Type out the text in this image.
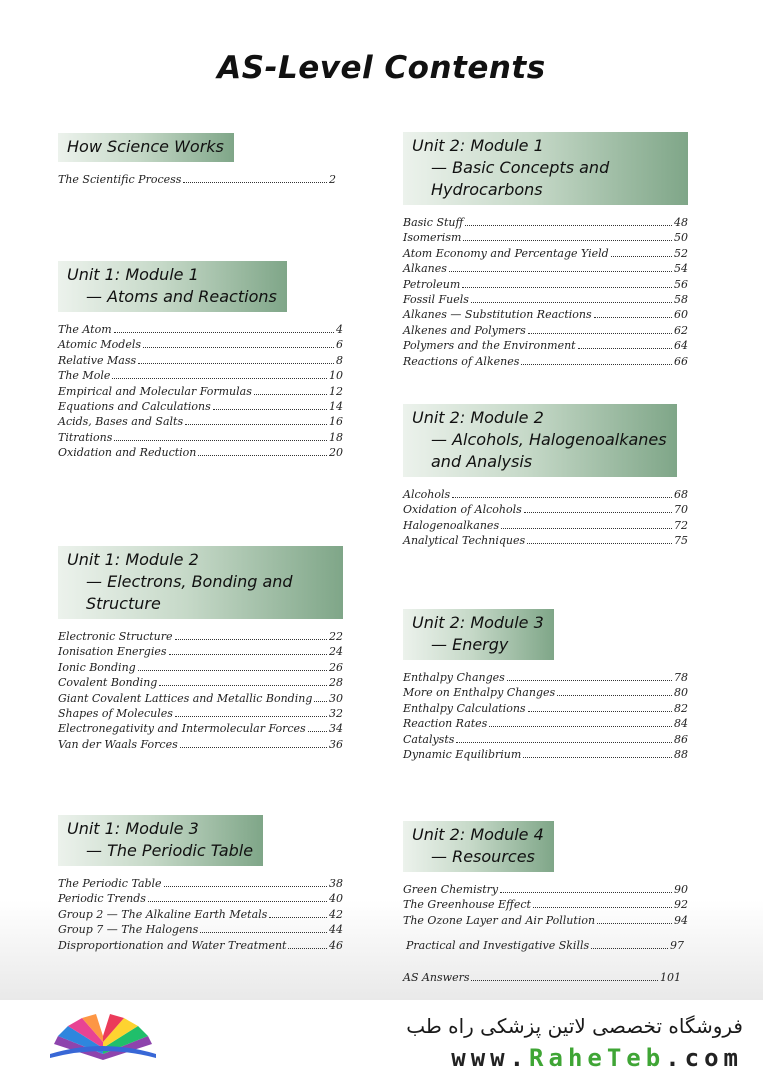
AS-Level Contents
How Science Works
The Scientific Process	2
Unit 1: Module 1
— Atoms and Reactions
The Atom	4
Atomic Models	6
Relative Mass	8
The Mole	10
Empirical and Molecular Formulas	12
Equations and Calculations	14
Acids, Bases and Salts	16
Titrations	18
Oxidation and Reduction	20
Unit 1: Module 2
— Electrons, Bonding and Structure
Electronic Structure	22
Ionisation Energies	24
Ionic Bonding	26
Covalent Bonding	28
Giant Covalent Lattices and Metallic Bonding 30
Shapes of Molecules	32
Electronegativity and Intermolecular Forces 34
Van der Waals Forces	36
Unit 1: Module 3
— The Periodic Table
The Periodic Table	38
Periodic Trends	40
Group 2 — The Alkaline Earth Metals	42
Group 7 — The Halogens	44
Disproportionation and Water Treatment	46
Unit 2: Module 1
— Basic Concepts and Hydrocarbons
Basic Stuff	48
Isomerism	50
Atom Economy and Percentage Yield	52
Alkanes	54
Petroleum	56
Fossil Fuels	58
Alkanes — Substitution Reactions	60
Alkenes and Polymers	62
Polymers and the Environment	64
Reactions of Alkenes	66
Unit 2: Module 2
— Alcohols, Halogenoalkanes
and Analysis
Alcohols	68
Oxidation of Alcohols	70
Halogenoalkanes	72
Analytical Techniques	75
Unit 2: Module 3
— Energy
Enthalpy Changes	78
More on Enthalpy Changes	80
Enthalpy Calculations	82
Reaction Rates	84
Catalysts	86
Dynamic Equilibrium	88
Unit 2: Module 4
— Resources
Green Chemistry	90
The Greenhouse Effect	92
The Ozone Layer and Air Pollution	94
Practical and Investigative Skills	97
AS Answers	101
فروشگاه تخصصی لاتین پزشکی راه طب
www.RaheTeb.com
